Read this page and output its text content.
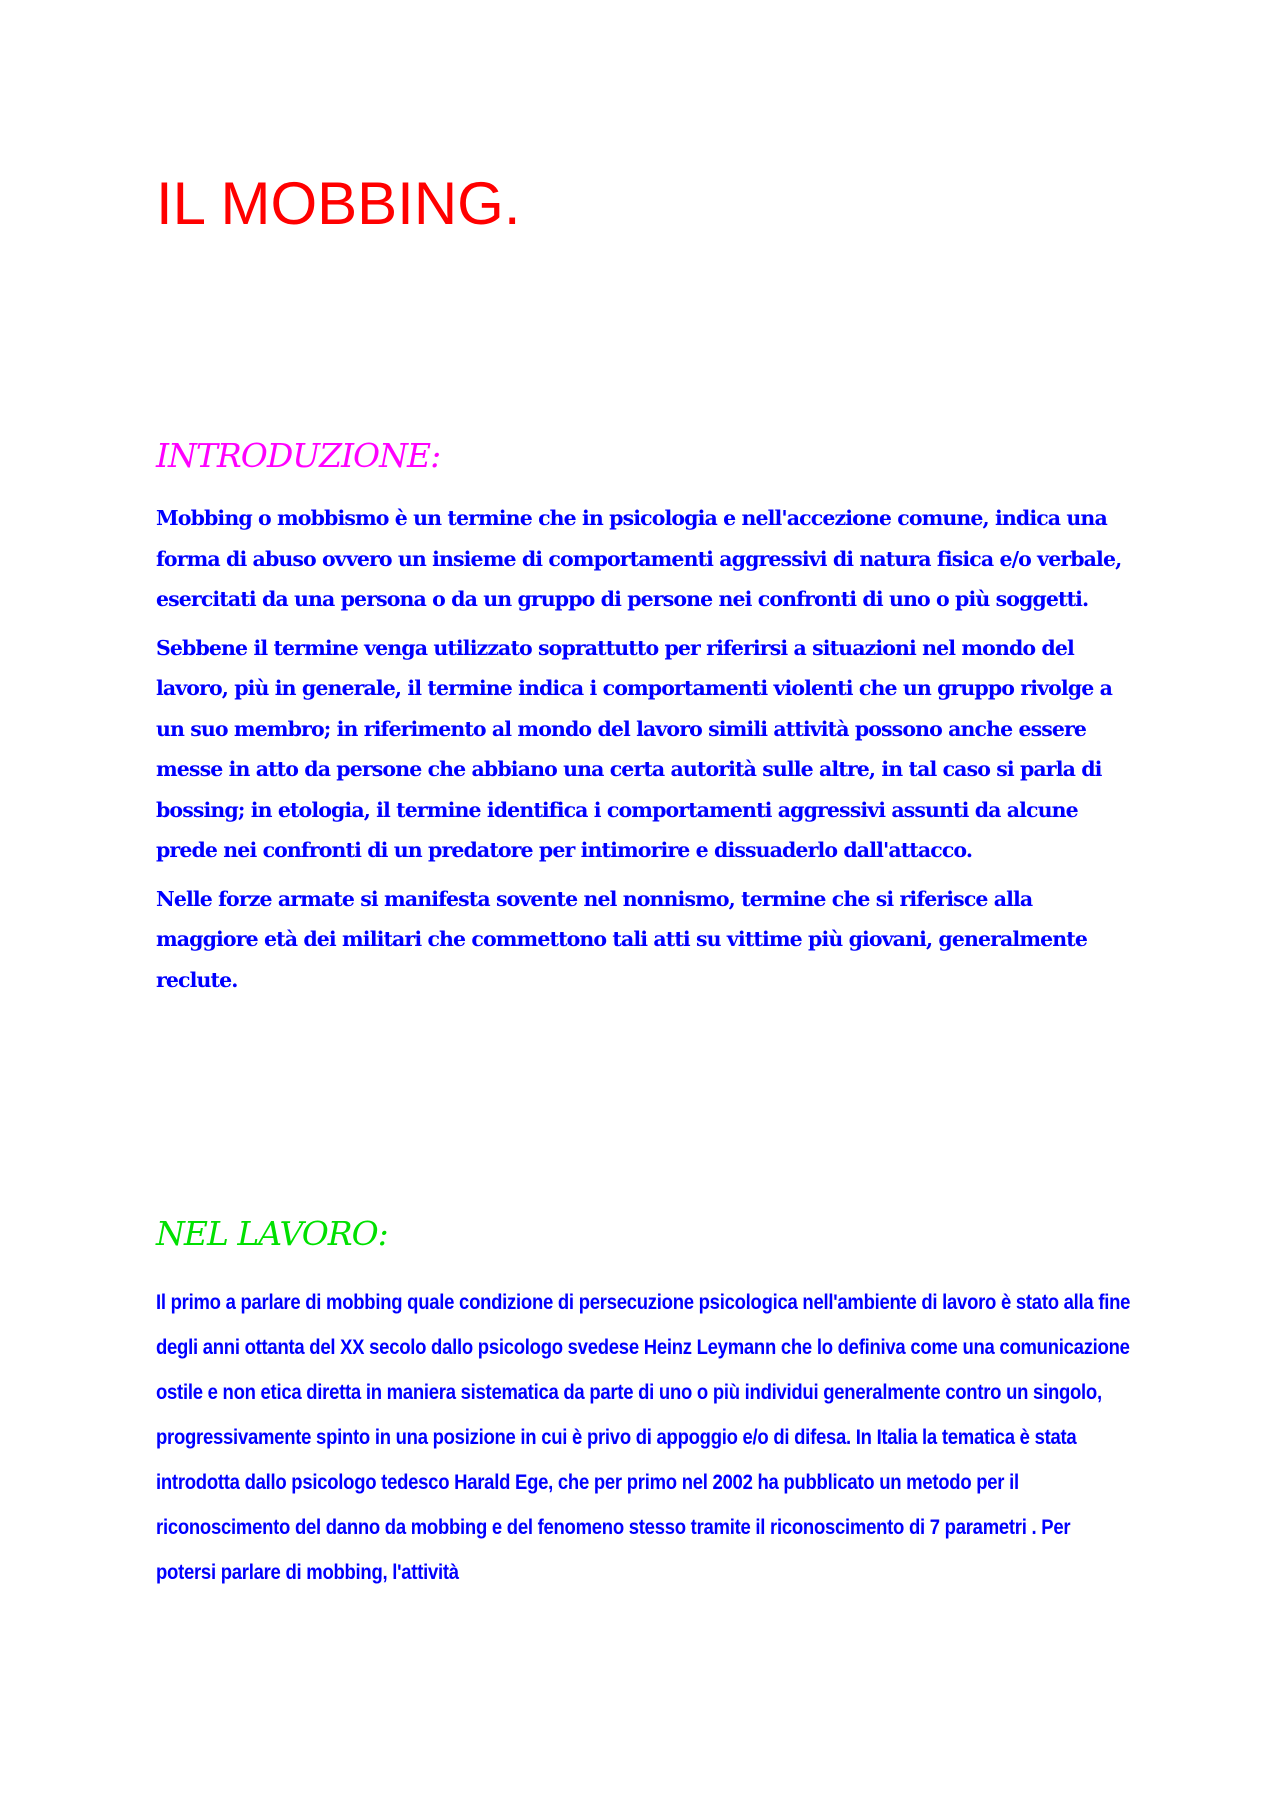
IL MOBBING.
INTRODUZIONE:

Mobbing o mobbismo è un termine che in psicologia e nell'accezione comune, indica una forma di abuso ovvero un insieme di comportamenti aggressivi di natura fisica e/o verbale, esercitati da una persona o da un gruppo di persone nei confronti di uno o più soggetti.

Sebbene il termine venga utilizzato soprattutto per riferirsi a situazioni nel mondo del lavoro, più in generale, il termine indica i comportamenti violenti che un gruppo rivolge a un suo membro; in riferimento al mondo del lavoro simili attività possono anche essere messe in atto da persone che abbiano una certa autorità sulle altre, in tal caso si parla di bossing; in etologia, il termine identifica i comportamenti aggressivi assunti da alcune prede nei confronti di un predatore per intimorire e dissuaderlo dall'attacco.

Nelle forze armate si manifesta sovente nel nonnismo, termine che si riferisce alla maggiore età dei militari che commettono tali atti su vittime più giovani, generalmente reclute.

NEL LAVORO:

Il primo a parlare di mobbing quale condizione di persecuzione psicologica nell'ambiente di lavoro è stato alla fine degli anni ottanta del XX secolo dallo psicologo svedese Heinz Leymann che lo definiva come una comunicazione ostile e non etica diretta in maniera sistematica da parte di uno o più individui generalmente contro un singolo, progressivamente spinto in una posizione in cui è privo di appoggio e/o di difesa. In Italia la tematica è stata introdotta dallo psicologo tedesco Harald Ege, che per primo nel 2002 ha pubblicato un metodo per il riconoscimento del danno da mobbing e del fenomeno stesso tramite il riconoscimento di 7 parametri . Per potersi parlare di mobbing, l'attività
